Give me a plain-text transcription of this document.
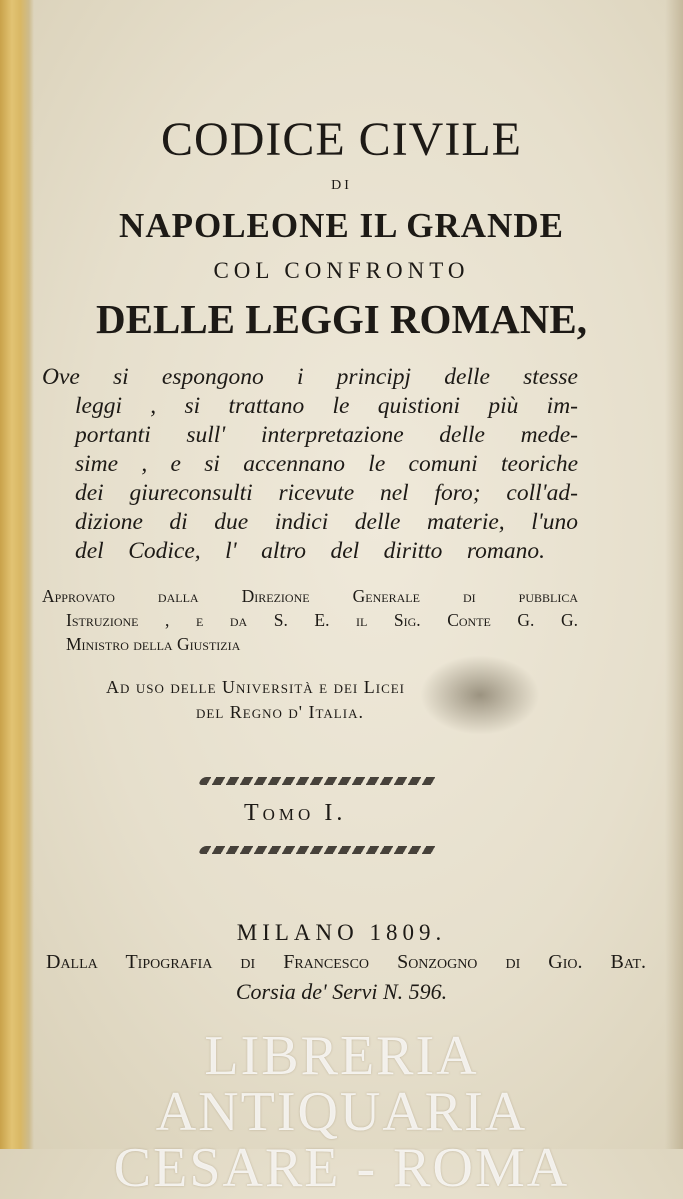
CODICE CIVILE
DI
NAPOLEONE IL GRANDE
COL CONFRONTO
DELLE LEGGI ROMANE,
Ove si espongono i principj delle stesse
leggi , si trattano le quistioni più im-
portanti sull' interpretazione delle mede-
sime , e si accennano le comuni teoriche
dei giureconsulti ricevute nel foro; coll'ad-
dizione di due indici delle materie, l'uno
del Codice, l' altro del diritto romano.
Approvato dalla Direzione Generale di pubblica
Istruzione , e da S. E. il Sig. Conte G. G.
Ministro della Giustizia
Ad uso delle Università e dei Licei
del Regno d' Italia.
Tomo I.
MILANO 1809.
Dalla Tipografia di Francesco Sonzogno di Gio. Bat.
Corsia de' Servi N. 596.
LIBRERIA ANTIQUARIA CESARE - ROMA
